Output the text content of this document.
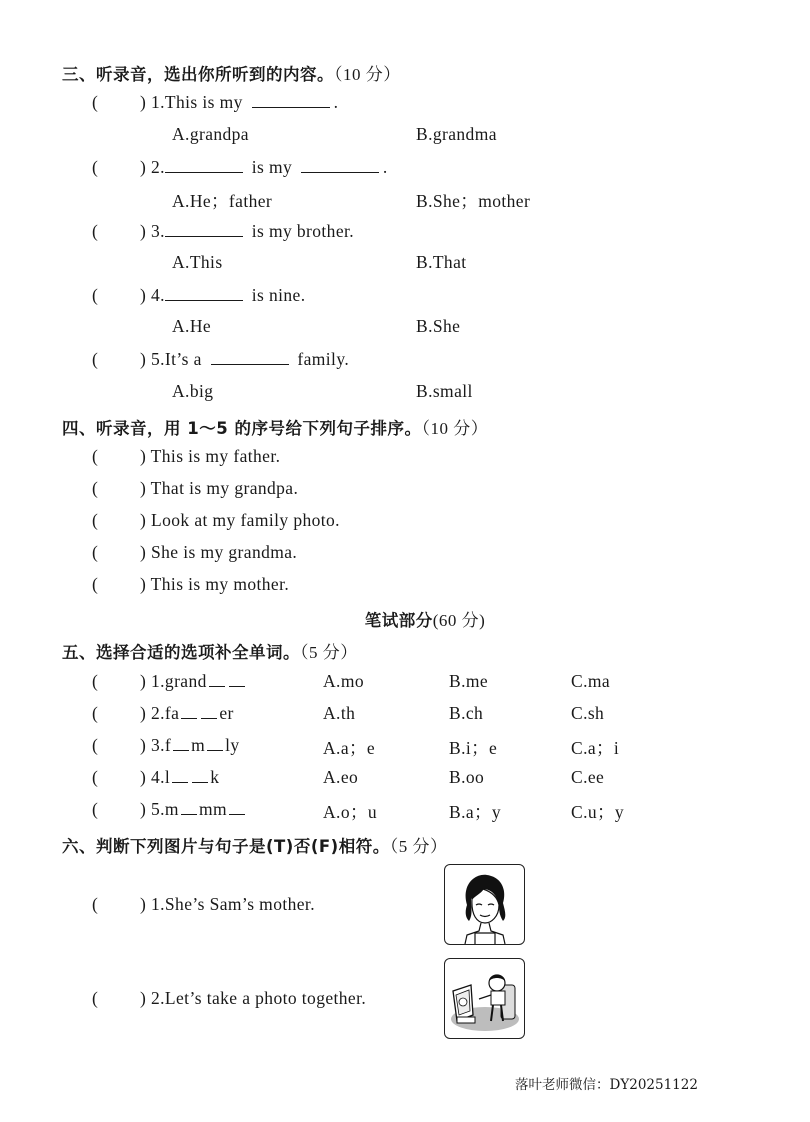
三、听录音，选出你所听到的内容。（10 分）
( ) 1.This is my	.
A.grandpa	B.grandma
( ) 2.	is my	.
A.He；father	B.She；mother
( ) 3.	is my brother.
A.This	B.That
( ) 4.	is nine.
A.He	B.She
( ) 5.It’s a	family.
A.big	B.small
四、听录音，用 1～5 的序号给下列句子排序。（10 分）
( ) This is my father.
( ) That is my grandpa.
( ) Look at my family photo.
( ) She is my grandma.
( ) This is my mother.
笔试部分(60 分)
五、选择合适的选项补全单词。（5 分）
( ) 1.grand	A.mo	B.me	C.ma
( ) 2.fa er	A.th	B.ch	C.sh
( ) 3.f m ly	A.a；e	B.i；e	C.a；i
( ) 4.l k	A.eo	B.oo	C.ee
( ) 5.m mm	A.o；u	B.a；y	C.u；y
六、判断下列图片与句子是(T)否(F)相符。（5 分）
( ) 1.She’s Sam’s mother.
( ) 2.Let’s take a photo together.
落叶老师微信：DY20251122
